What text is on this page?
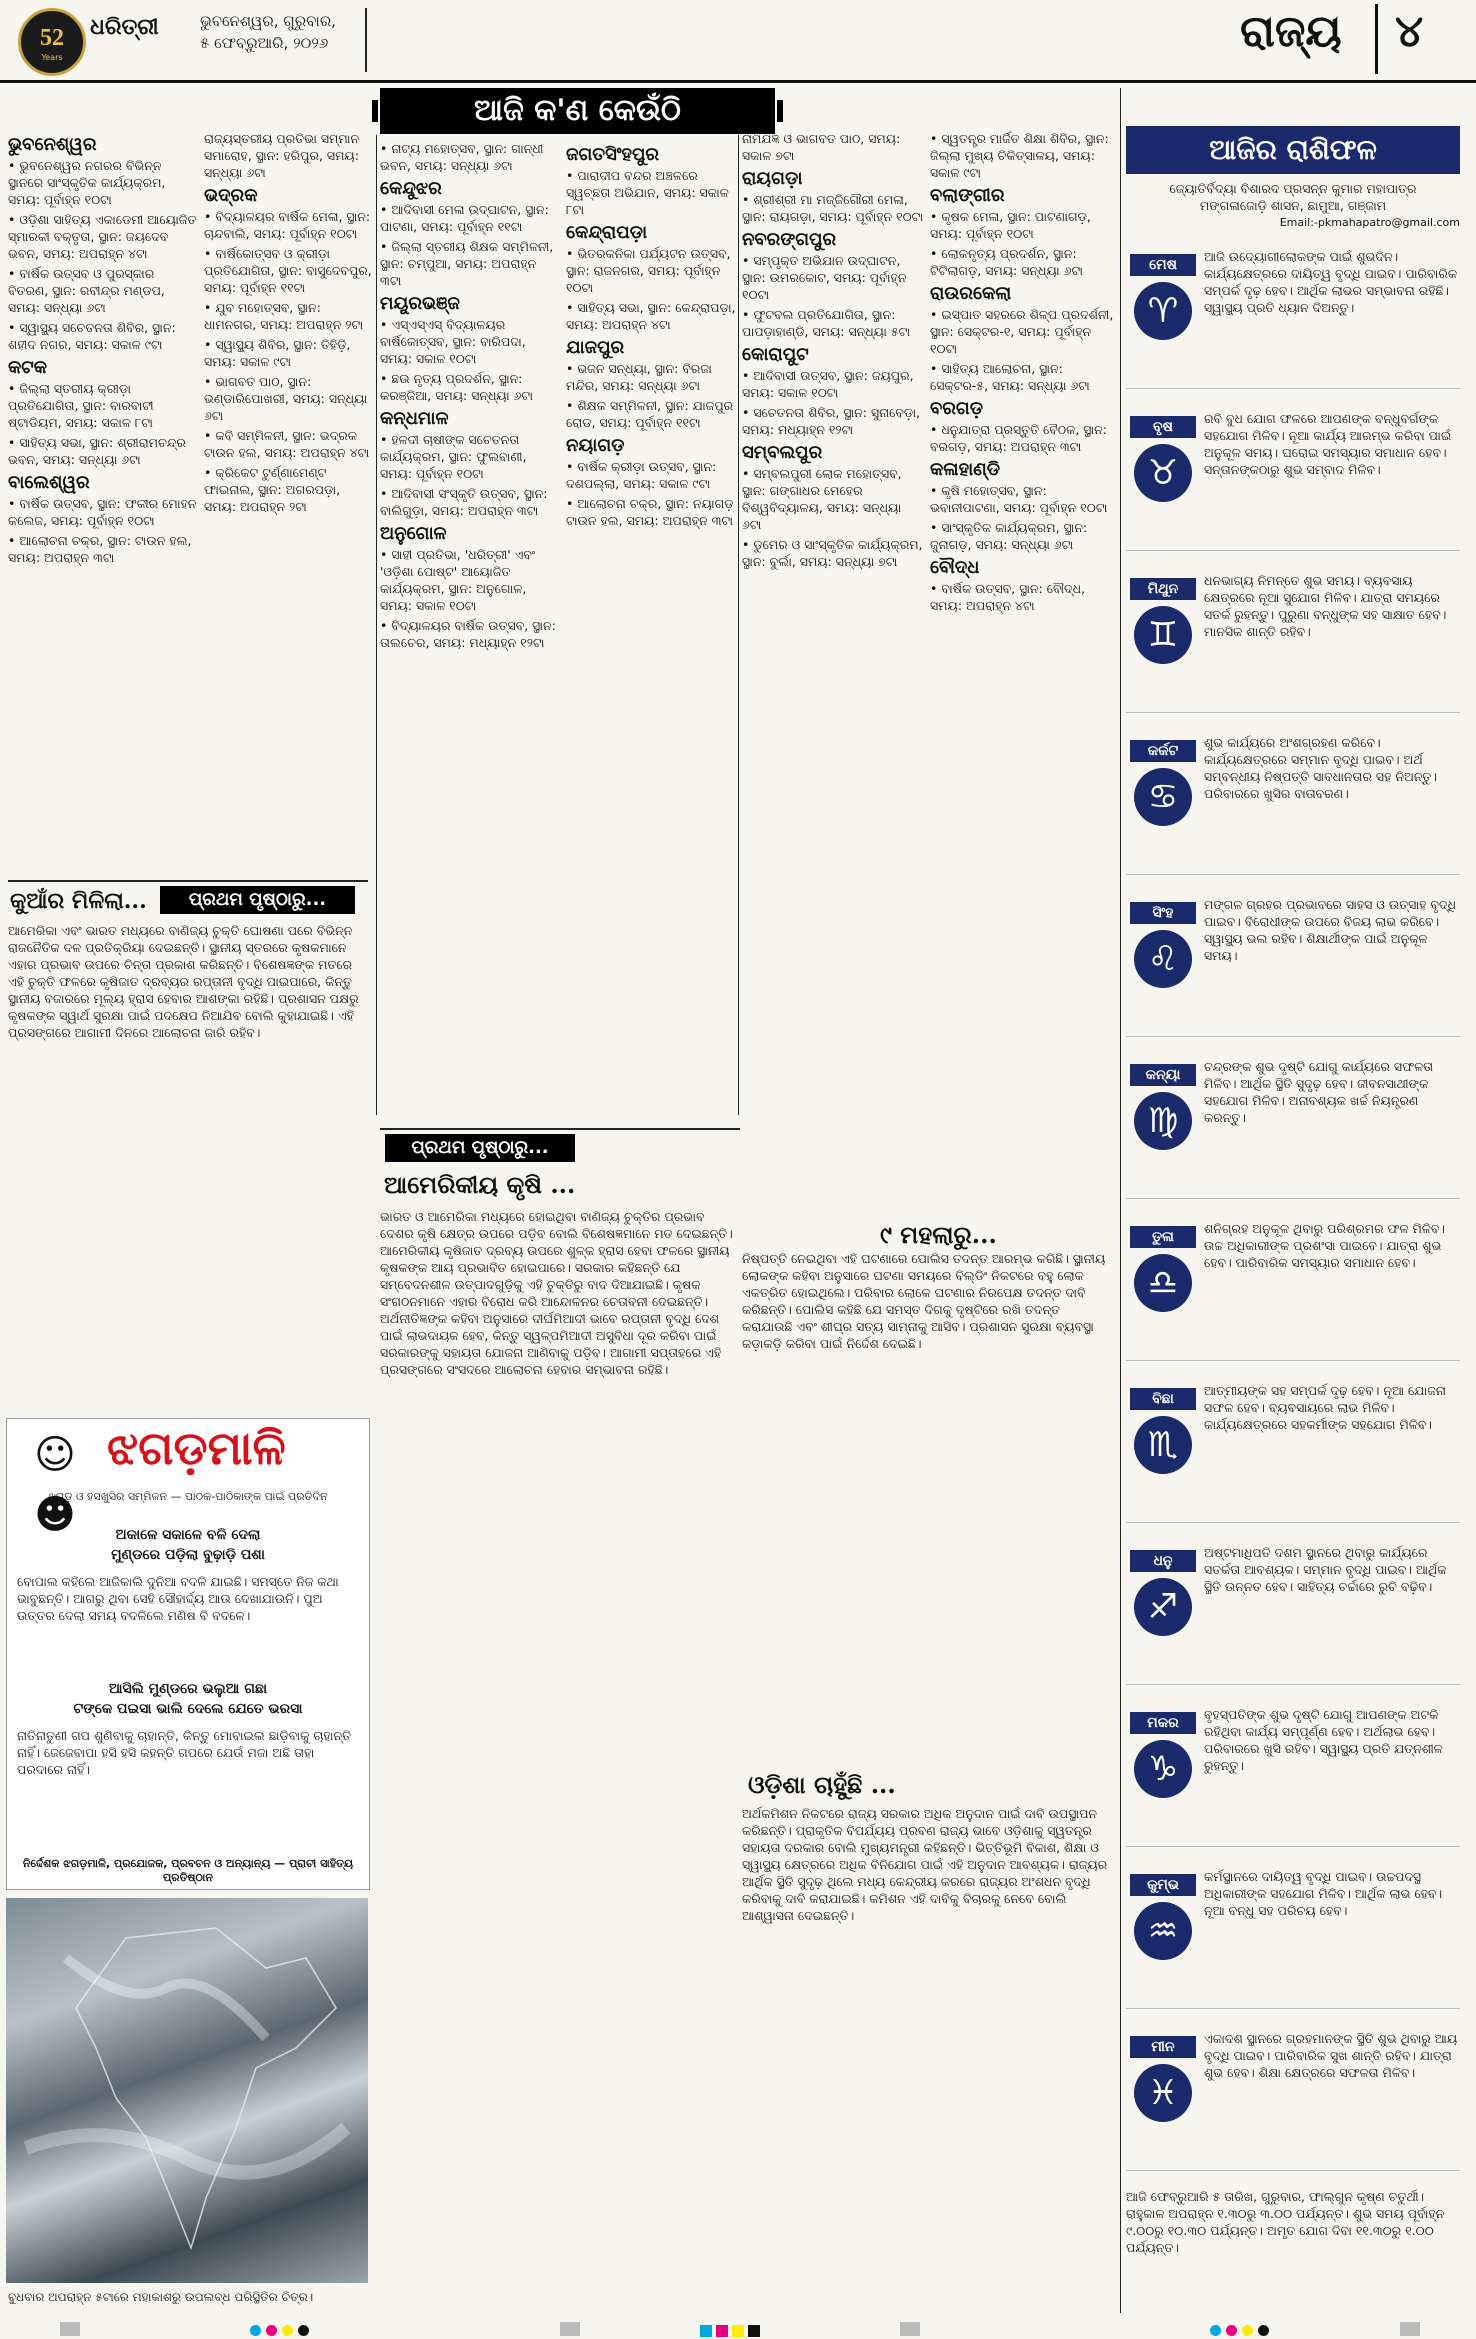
52
Years
ଧରିତ୍ରୀ	ଭୁବନେଶ୍ୱର, ଗୁରୁବାର,
୫ ଫେବ୍ରୁଆରି, ୨୦୨୬	ରାଜ୍ୟ ୪
ଆଜି କ'ଣ କେଉଁଠି
ଭୁବନେଶ୍ୱର

• ଭୁବନେଶ୍ୱର ନଗରର ବିଭିନ୍ନ ସ୍ଥାନରେ ସାଂସ୍କୃତିକ କାର୍ଯ୍ୟକ୍ରମ, ସମୟ: ପୂର୍ବାହ୍ନ ୧୦ଟା

• ଓଡ଼ିଶା ସାହିତ୍ୟ ଏକାଡେମୀ ଆୟୋଜିତ ସ୍ମାରକୀ ବକ୍ତୃତା, ସ୍ଥାନ: ଜୟଦେବ ଭବନ, ସମୟ: ଅପରାହ୍ନ ୪ଟା

• ବାର୍ଷିକ ଉତ୍ସବ ଓ ପୁରସ୍କାର ବିତରଣ, ସ୍ଥାନ: ରବୀନ୍ଦ୍ର ମଣ୍ଡପ, ସମୟ: ସନ୍ଧ୍ୟା ୬ଟା

• ସ୍ୱାସ୍ଥ୍ୟ ସଚେତନତା ଶିବିର, ସ୍ଥାନ: ଶହୀଦ ନଗର, ସମୟ: ସକାଳ ୯ଟା

କଟକ

• ଜିଲ୍ଲା ସ୍ତରୀୟ କ୍ରୀଡ଼ା ପ୍ରତିଯୋଗିତା, ସ୍ଥାନ: ବାରବାଟୀ ଷ୍ଟାଡିୟମ, ସମୟ: ସକାଳ ୮ଟା

• ସାହିତ୍ୟ ସଭା, ସ୍ଥାନ: ଶ୍ରୀରାମଚନ୍ଦ୍ର ଭବନ, ସମୟ: ସନ୍ଧ୍ୟା ୬ଟା

ବାଲେଶ୍ୱର

• ବାର୍ଷିକ ଉତ୍ସବ, ସ୍ଥାନ: ଫକୀର ମୋହନ କଲେଜ, ସମୟ: ପୂର୍ବାହ୍ନ ୧୦ଟା

• ଆଲୋଚନା ଚକ୍ର, ସ୍ଥାନ: ଟାଉନ ହଲ, ସମୟ: ଅପରାହ୍ନ ୩ଟା

ରାଜ୍ୟସ୍ତରୀୟ ପ୍ରତିଭା ସମ୍ମାନ ସମାରୋହ, ସ୍ଥାନ: ହରିପୁର, ସମୟ: ସନ୍ଧ୍ୟା ୬ଟା

ଭଦ୍ରକ

• ବିଦ୍ୟାଳୟର ବାର୍ଷିକ ମେଳା, ସ୍ଥାନ: ଚାନ୍ଦବାଲି, ସମୟ: ପୂର୍ବାହ୍ନ ୧୦ଟା

• ବାର୍ଷିକୋତ୍ସବ ଓ କ୍ରୀଡ଼ା ପ୍ରତିଯୋଗିତା, ସ୍ଥାନ: ବାସୁଦେବପୁର, ସମୟ: ପୂର୍ବାହ୍ନ ୧୧ଟା

• ଯୁବ ମହୋତ୍ସବ, ସ୍ଥାନ: ଧାମନଗର, ସମୟ: ଅପରାହ୍ନ ୨ଟା

• ସ୍ୱାସ୍ଥ୍ୟ ଶିବିର, ସ୍ଥାନ: ତିହିଡ଼ି, ସମୟ: ସକାଳ ୯ଟା

• ଭାଗବତ ପାଠ, ସ୍ଥାନ: ଭଣ୍ଡାରିପୋଖରୀ, ସମୟ: ସନ୍ଧ୍ୟା ୬ଟା

• କବି ସମ୍ମିଳନୀ, ସ୍ଥାନ: ଭଦ୍ରକ ଟାଉନ ହଲ, ସମୟ: ଅପରାହ୍ନ ୪ଟା

• କ୍ରିକେଟ ଟୁର୍ଣ୍ଣାମେଣ୍ଟ ଫାଇନାଲ, ସ୍ଥାନ: ଅଗରପଡ଼ା, ସମୟ: ଅପରାହ୍ନ ୨ଟା

• ନାଟ୍ୟ ମହୋତ୍ସବ, ସ୍ଥାନ: ଗାନ୍ଧୀ ଭବନ, ସମୟ: ସନ୍ଧ୍ୟା ୬ଟା

କେନ୍ଦୁଝର

• ଆଦିବାସୀ ମେଳା ଉଦ୍‌ଘାଟନ, ସ୍ଥାନ: ପାଟଣା, ସମୟ: ପୂର୍ବାହ୍ନ ୧୧ଟା

• ଜିଲ୍ଲା ସ୍ତରୀୟ ଶିକ୍ଷକ ସମ୍ମିଳନୀ, ସ୍ଥାନ: ଚମ୍ପୁଆ, ସମୟ: ଅପରାହ୍ନ ୩ଟା

ମୟୂରଭଞ୍ଜ

• ଏସ୍‌ଏସ୍‌ଏସ୍ ବିଦ୍ୟାଳୟର ବାର୍ଷିକୋତ୍ସବ, ସ୍ଥାନ: ବାରିପଦା, ସମୟ: ସକାଳ ୧୦ଟା

• ଛଉ ନୃତ୍ୟ ପ୍ରଦର୍ଶନ, ସ୍ଥାନ: କରଞ୍ଜିଆ, ସମୟ: ସନ୍ଧ୍ୟା ୬ଟା

କନ୍ଧମାଳ

• ହଳଦୀ ଚାଷୀଙ୍କ ସଚେତନତା କାର୍ଯ୍ୟକ୍ରମ, ସ୍ଥାନ: ଫୁଲବାଣୀ, ସମୟ: ପୂର୍ବାହ୍ନ ୧୦ଟା

• ଆଦିବାସୀ ସଂସ୍କୃତି ଉତ୍ସବ, ସ୍ଥାନ: ବାଲିଗୁଡ଼ା, ସମୟ: ଅପରାହ୍ନ ୩ଟା

ଅନୁଗୋଳ

• ସାହୀ ପ୍ରତିଭା, 'ଧରିତ୍ରୀ' ଏବଂ 'ଓଡ଼ିଶା ପୋଷ୍ଟ' ଆୟୋଜିତ କାର୍ଯ୍ୟକ୍ରମ, ସ୍ଥାନ: ଅନୁଗୋଳ, ସମୟ: ସକାଳ ୧୦ଟା

• ବିଦ୍ୟାଳୟର ବାର୍ଷିକ ଉତ୍ସବ, ସ୍ଥାନ: ତାଲଚେର, ସମୟ: ମଧ୍ୟାହ୍ନ ୧୨ଟା

ଜଗତସିଂହପୁର

• ପାରାଦୀପ ବନ୍ଦର ଅଞ୍ଚଳରେ ସ୍ୱଚ୍ଛତା ଅଭିଯାନ, ସମୟ: ସକାଳ ୮ଟା

କେନ୍ଦ୍ରାପଡ଼ା

• ଭିତରକନିକା ପର୍ଯ୍ୟଟନ ଉତ୍ସବ, ସ୍ଥାନ: ରାଜନଗର, ସମୟ: ପୂର୍ବାହ୍ନ ୧୦ଟା

• ସାହିତ୍ୟ ସଭା, ସ୍ଥାନ: କେନ୍ଦ୍ରାପଡ଼ା, ସମୟ: ଅପରାହ୍ନ ୪ଟା

ଯାଜପୁର

• ଭଜନ ସନ୍ଧ୍ୟା, ସ୍ଥାନ: ବିରଜା ମନ୍ଦିର, ସମୟ: ସନ୍ଧ୍ୟା ୬ଟା

• ଶିକ୍ଷକ ସମ୍ମିଳନୀ, ସ୍ଥାନ: ଯାଜପୁର ରୋଡ, ସମୟ: ପୂର୍ବାହ୍ନ ୧୧ଟା

ନୟାଗଡ଼

• ବାର୍ଷିକ କ୍ରୀଡ଼ା ଉତ୍ସବ, ସ୍ଥାନ: ଦଶପଲ୍ଲା, ସମୟ: ସକାଳ ୯ଟା

• ଆଲୋଚନା ଚକ୍ର, ସ୍ଥାନ: ନୟାଗଡ଼ ଟାଉନ ହଲ, ସମୟ: ଅପରାହ୍ନ ୩ଟା

ନାମଯଜ୍ଞ ଓ ଭାଗବତ ପାଠ, ସମୟ: ସକାଳ ୭ଟା

ରାୟଗଡ଼ା

• ଶ୍ରୀଶ୍ରୀ ମା ମଜ୍ଜିଗୌରୀ ମେଳା, ସ୍ଥାନ: ରାୟଗଡ଼ା, ସମୟ: ପୂର୍ବାହ୍ନ ୧୦ଟା

ନବରଙ୍ଗପୁର

• ସମ୍ପୃକ୍ତ ଅଭିଯାନ ଉଦ୍‌ଘାଟନ, ସ୍ଥାନ: ଉମରକୋଟ, ସମୟ: ପୂର୍ବାହ୍ନ ୧୦ଟା

• ଫୁଟବଲ ପ୍ରତିଯୋଗିତା, ସ୍ଥାନ: ପାପଡ଼ାହାଣ୍ଡି, ସମୟ: ସନ୍ଧ୍ୟା ୫ଟା

କୋରାପୁଟ

• ଆଦିବାସୀ ଉତ୍ସବ, ସ୍ଥାନ: ଜୟପୁର, ସମୟ: ସକାଳ ୧୦ଟା

• ସଚେତନତା ଶିବିର, ସ୍ଥାନ: ସୁନାବେଡ଼ା, ସମୟ: ମଧ୍ୟାହ୍ନ ୧୨ଟା

ସମ୍ବଲପୁର

• ସମ୍ବଲପୁରୀ ଲୋକ ମହୋତ୍ସବ, ସ୍ଥାନ: ଗଙ୍ଗାଧର ମେହେର ବିଶ୍ୱବିଦ୍ୟାଳୟ, ସମୟ: ସନ୍ଧ୍ୟା ୬ଟା

• ଡୁମେର ଓ ସାଂସ୍କୃତିକ କାର୍ଯ୍ୟକ୍ରମ, ସ୍ଥାନ: ବୁର୍ଲା, ସମୟ: ସନ୍ଧ୍ୟା ୭ଟା

• ସ୍ୱତନ୍ତ୍ର ମାର୍ଜିତ ଶିକ୍ଷା ଶିବିର, ସ୍ଥାନ: ଜିଲ୍ଲା ମୁଖ୍ୟ ଚିକିତ୍ସାଳୟ, ସମୟ: ସକାଳ ୯ଟା

ବଲାଙ୍ଗୀର

• କୃଷକ ମେଳା, ସ୍ଥାନ: ପାଟଣାଗଡ଼, ସମୟ: ପୂର୍ବାହ୍ନ ୧୦ଟା

• ଲୋକନୃତ୍ୟ ପ୍ରଦର୍ଶନ, ସ୍ଥାନ: ଟିଟିଲାଗଡ଼, ସମୟ: ସନ୍ଧ୍ୟା ୬ଟା

ରାଉରକେଲା

• ଇସ୍ପାତ ସହରରେ ଶିଳ୍ପ ପ୍ରଦର୍ଶନୀ, ସ୍ଥାନ: ସେକ୍ଟର-୧, ସମୟ: ପୂର୍ବାହ୍ନ ୧୦ଟା

• ସାହିତ୍ୟ ଆଲୋଚନା, ସ୍ଥାନ: ସେକ୍ଟର-୫, ସମୟ: ସନ୍ଧ୍ୟା ୬ଟା

ବରଗଡ଼

• ଧନୁଯାତ୍ରା ପ୍ରସ୍ତୁତି ବୈଠକ, ସ୍ଥାନ: ବରଗଡ଼, ସମୟ: ଅପରାହ୍ନ ୩ଟା

କଳାହାଣ୍ଡି

• କୃଷି ମହୋତ୍ସବ, ସ୍ଥାନ: ଭବାନୀପାଟଣା, ସମୟ: ପୂର୍ବାହ୍ନ ୧୦ଟା

• ସାଂସ୍କୃତିକ କାର୍ଯ୍ୟକ୍ରମ, ସ୍ଥାନ: ଜୁନାଗଡ଼, ସମୟ: ସନ୍ଧ୍ୟା ୬ଟା

ବୌଦ୍ଧ

• ବାର୍ଷିକ ଉତ୍ସବ, ସ୍ଥାନ: ବୌଦ୍ଧ, ସମୟ: ଅପରାହ୍ନ ୪ଟା

କୁଆଁର ମିଳିଲା...	ପ୍ରଥମ ପୃଷ୍ଠାରୁ...

ଆମେରିକା ଏବଂ ଭାରତ ମଧ୍ୟରେ ବାଣିଜ୍ୟ ଚୁକ୍ତି ଘୋଷଣା ପରେ ବିଭିନ୍ନ ରାଜନୈତିକ ଦଳ ପ୍ରତିକ୍ରିୟା ଦେଇଛନ୍ତି। ସ୍ଥାନୀୟ ସ୍ତରରେ କୃଷକମାନେ ଏହାର ପ୍ରଭାବ ଉପରେ ଚିନ୍ତା ପ୍ରକାଶ କରିଛନ୍ତି। ବିଶେଷଜ୍ଞଙ୍କ ମତରେ ଏହି ଚୁକ୍ତି ଫଳରେ କୃଷିଜାତ ଦ୍ରବ୍ୟର ରପ୍ତାନୀ ବୃଦ୍ଧି ପାଇପାରେ, କିନ୍ତୁ ସ୍ଥାନୀୟ ବଜାରରେ ମୂଲ୍ୟ ହ୍ରାସ ହେବାର ଆଶଙ୍କା ରହିଛି। ପ୍ରଶାସନ ପକ୍ଷରୁ କୃଷକଙ୍କ ସ୍ୱାର୍ଥ ସୁରକ୍ଷା ପାଇଁ ପଦକ୍ଷେପ ନିଆଯିବ ବୋଲି କୁହାଯାଇଛି। ଏହି ପ୍ରସଙ୍ଗରେ ଆଗାମୀ ଦିନରେ ଆଲୋଚନା ଜାରି ରହିବ।

☺☻
ଝଗଡ଼ମାଳି
ଝଗଡ଼ ଓ ହସଖୁସିର ସମ୍ମିଳନ — ପାଠକ-ପାଠିକାଙ୍କ ପାଇଁ ପ୍ରତିଦିନ
ଅକାଳେ ସକାଳେ ବଳି ଦେଲା
ମୁଣ୍ଡରେ ପଡ଼ିଲା ବୁଢ଼ାଡ଼ି ପଶା
ବୋପାଲ କହିଲେ ଆଜିକାଲି ଦୁନିଆ ବଦଳି ଯାଇଛି। ସମସ୍ତେ ନିଜ କଥା ଭାବୁଛନ୍ତି। ଆଗରୁ ଥିବା ସେହି ସୌହାର୍ଦ୍ଦ୍ୟ ଆଉ ଦେଖାଯାଉନି। ପୁଅ ଉତ୍ତର ଦେଲା ସମୟ ବଦଳିଲେ ମଣିଷ ବି ବଦଳେ।
ଆସିଲି ମୁଣ୍ଡରେ ଭଲୁଆ ଗଛା
ଟଙ୍କେ ପଇସା ଭାଲି ଦେଲେ ଯେତେ ଭରସା
ନାତିନାତୁଣୀ ଗପ ଶୁଣିବାକୁ ଚାହାନ୍ତି, କିନ୍ତୁ ମୋବାଇଲ ଛାଡ଼ିବାକୁ ଚାହାନ୍ତି ନାହିଁ। ଜେଜେବାପା ହସି ହସି କହନ୍ତି ଗପରେ ଯେଉଁ ମଜା ଅଛି ତାହା ପରଦାରେ ନାହିଁ।
ନିର୍ଦ୍ଦେଶକ ଝଗଡ଼ମାଳି, ପ୍ରଯୋଜକ, ପ୍ରବଚନ ଓ ଅନ୍ୟାନ୍ୟ — ପ୍ରାଚୀ ସାହିତ୍ୟ ପ୍ରତିଷ୍ଠାନ
ବୁଧବାର ଅପରାହ୍ନ ୫ଟାରେ ମହାକାଶରୁ ଉପଲବ୍ଧ ପରିସ୍ଥିତିର ଚିତ୍ର।
ପ୍ରଥମ ପୃଷ୍ଠାରୁ...
ଆମେରିକୀୟ କୃଷି ...

ଭାରତ ଓ ଆମେରିକା ମଧ୍ୟରେ ହୋଇଥିବା ବାଣିଜ୍ୟ ଚୁକ୍ତିର ପ୍ରଭାବ ଦେଶର କୃଷି କ୍ଷେତ୍ର ଉପରେ ପଡ଼ିବ ବୋଲି ବିଶେଷଜ୍ଞମାନେ ମତ ଦେଇଛନ୍ତି। ଆମେରିକୀୟ କୃଷିଜାତ ଦ୍ରବ୍ୟ ଉପରେ ଶୁଳ୍କ ହ୍ରାସ ହେବା ଫଳରେ ସ୍ଥାନୀୟ କୃଷକଙ୍କ ଆୟ ପ୍ରଭାବିତ ହୋଇପାରେ। ସରକାର କହିଛନ୍ତି ଯେ ସମ୍ବେଦନଶୀଳ ଉତ୍ପାଦଗୁଡ଼ିକୁ ଏହି ଚୁକ୍ତିରୁ ବାଦ ଦିଆଯାଇଛି। କୃଷକ ସଂଗଠନମାନେ ଏହାର ବିରୋଧ କରି ଆନ୍ଦୋଳନର ଚେତାବନୀ ଦେଇଛନ୍ତି। ଅର୍ଥନୀତିଜ୍ଞଙ୍କ କହିବା ଅନୁସାରେ ଦୀର୍ଘମିଆଦୀ ଭାବେ ରପ୍ତାନୀ ବୃଦ୍ଧି ଦେଶ ପାଇଁ ଲାଭଦାୟକ ହେବ, କିନ୍ତୁ ସ୍ୱଳ୍ପମିଆଦୀ ଅସୁବିଧା ଦୂର କରିବା ପାଇଁ ସରକାରଙ୍କୁ ସହାୟତା ଯୋଜନା ଆଣିବାକୁ ପଡ଼ିବ। ଆଗାମୀ ସପ୍ତାହରେ ଏହି ପ୍ରସଙ୍ଗରେ ସଂସଦରେ ଆଲୋଚନା ହେବାର ସମ୍ଭାବନା ରହିଛି।

୯ ମହଲାରୁ...

ନିଷ୍ପତ୍ତି ନେଇଥିବା ଏହି ଘଟଣାରେ ପୋଲିସ ତଦନ୍ତ ଆରମ୍ଭ କରିଛି। ସ୍ଥାନୀୟ ଲୋକଙ୍କ କହିବା ଅନୁସାରେ ଘଟଣା ସମୟରେ ବିଲ୍ଡିଂ ନିକଟରେ ବହୁ ଲୋକ ଏକତ୍ରିତ ହୋଇଥିଲେ। ପରିବାର ଲୋକେ ଘଟଣାର ନିରପେକ୍ଷ ତଦନ୍ତ ଦାବି କରିଛନ୍ତି। ପୋଲିସ କହିଛି ଯେ ସମସ୍ତ ଦିଗକୁ ଦୃଷ୍ଟିରେ ରଖି ତଦନ୍ତ କରାଯାଉଛି ଏବଂ ଶୀଘ୍ର ସତ୍ୟ ସାମ୍ନାକୁ ଆସିବ। ପ୍ରଶାସନ ସୁରକ୍ଷା ବ୍ୟବସ୍ଥା କଡ଼ାକଡ଼ି କରିବା ପାଇଁ ନିର୍ଦ୍ଦେଶ ଦେଇଛି।

ଓଡ଼ିଶା ଚାହୁଁଛି ...

ଅର୍ଥକମିଶନ ନିକଟରେ ରାଜ୍ୟ ସରକାର ଅଧିକ ଅନୁଦାନ ପାଇଁ ଦାବି ଉପସ୍ଥାପନ କରିଛନ୍ତି। ପ୍ରାକୃତିକ ବିପର୍ଯ୍ୟୟ ପ୍ରବଣ ରାଜ୍ୟ ଭାବେ ଓଡ଼ିଶାକୁ ସ୍ୱତନ୍ତ୍ର ସହାୟତା ଦରକାର ବୋଲି ମୁଖ୍ୟମନ୍ତ୍ରୀ କହିଛନ୍ତି। ଭିତ୍ତିଭୂମି ବିକାଶ, ଶିକ୍ଷା ଓ ସ୍ୱାସ୍ଥ୍ୟ କ୍ଷେତ୍ରରେ ଅଧିକ ବିନିଯୋଗ ପାଇଁ ଏହି ଅନୁଦାନ ଆବଶ୍ୟକ। ରାଜ୍ୟର ଆର୍ଥିକ ସ୍ଥିତି ସୁଦୃଢ଼ ଥିଲେ ମଧ୍ୟ କେନ୍ଦ୍ରୀୟ କରରେ ରାଜ୍ୟର ଅଂଶଧନ ବୃଦ୍ଧି କରିବାକୁ ଦାବି କରାଯାଇଛି। କମିଶନ ଏହି ଦାବିକୁ ବିଚାରକୁ ନେବେ ବୋଲି ଆଶ୍ୱାସନା ଦେଇଛନ୍ତି।

ଆଜିର ରାଶିଫଳ
ଜ୍ୟୋତିର୍ବିଦ୍ୟା ବିଶାରଦ ପ୍ରସନ୍ନ କୁମାର ମହାପାତ୍ର
ମଙ୍ଗଳାଜୋଡ଼ି ଶାସନ, ଛାମୁଆ, ଗଞ୍ଜାମ
Email:-pkmahapatro@gmail.com
ମେଷ
♈
ଆଜି ଉଦ୍ୟୋଗୀଲୋକଙ୍କ ପାଇଁ ଶୁଭଦିନ। କାର୍ଯ୍ୟକ୍ଷେତ୍ରରେ ଦାୟିତ୍ୱ ବୃଦ୍ଧି ପାଇବ। ପାରିବାରିକ ସମ୍ପର୍କ ଦୃଢ଼ ହେବ। ଆର୍ଥିକ ଲାଭର ସମ୍ଭାବନା ରହିଛି। ସ୍ୱାସ୍ଥ୍ୟ ପ୍ରତି ଧ୍ୟାନ ଦିଅନ୍ତୁ।
ବୃଷ
♉
ରବି ବୁଧ ଯୋଗ ଫଳରେ ଆପଣଙ୍କ ବନ୍ଧୁବର୍ଗଙ୍କ ସହଯୋଗ ମିଳିବ। ନୂଆ କାର୍ଯ୍ୟ ଆରମ୍ଭ କରିବା ପାଇଁ ଅନୁକୂଳ ସମୟ। ଘରୋଇ ସମସ୍ୟାର ସମାଧାନ ହେବ। ସନ୍ତାନଙ୍କଠାରୁ ଶୁଭ ସମ୍ବାଦ ମିଳିବ।
ମିଥୁନ
♊
ଧନଭାଗ୍ୟ ନିମନ୍ତେ ଶୁଭ ସମୟ। ବ୍ୟବସାୟ କ୍ଷେତ୍ରରେ ନୂଆ ସୁଯୋଗ ମିଳିବ। ଯାତ୍ରା ସମୟରେ ସତର୍କ ରୁହନ୍ତୁ। ପୁରୁଣା ବନ୍ଧୁଙ୍କ ସହ ସାକ୍ଷାତ ହେବ। ମାନସିକ ଶାନ୍ତି ରହିବ।
କର୍କଟ
♋
ଶୁଭ କାର୍ଯ୍ୟରେ ଅଂଶଗ୍ରହଣ କରିବେ। କାର୍ଯ୍ୟକ୍ଷେତ୍ରରେ ସମ୍ମାନ ବୃଦ୍ଧି ପାଇବ। ଅର୍ଥ ସମ୍ବନ୍ଧୀୟ ନିଷ୍ପତ୍ତି ସାବଧାନତାର ସହ ନିଅନ୍ତୁ। ପରିବାରରେ ଖୁସିର ବାତାବରଣ।
ସିଂହ
♌
ମଙ୍ଗଳ ଗ୍ରହର ପ୍ରଭାବରେ ସାହସ ଓ ଉତ୍ସାହ ବୃଦ୍ଧି ପାଇବ। ବିରୋଧୀଙ୍କ ଉପରେ ବିଜୟ ଲାଭ କରିବେ। ସ୍ୱାସ୍ଥ୍ୟ ଭଲ ରହିବ। ଶିକ୍ଷାର୍ଥୀଙ୍କ ପାଇଁ ଅନୁକୂଳ ସମୟ।
କନ୍ୟା
♍
ଚନ୍ଦ୍ରଙ୍କ ଶୁଭ ଦୃଷ୍ଟି ଯୋଗୁ କାର୍ଯ୍ୟରେ ସଫଳତା ମିଳିବ। ଆର୍ଥିକ ସ୍ଥିତି ସୁଦୃଢ଼ ହେବ। ଜୀବନସାଥୀଙ୍କ ସହଯୋଗ ମିଳିବ। ଅନାବଶ୍ୟକ ଖର୍ଚ୍ଚ ନିୟନ୍ତ୍ରଣ କରନ୍ତୁ।
ତୁଳା
♎
ଶନିଗ୍ରହ ଅନୁକୂଳ ଥିବାରୁ ପରିଶ୍ରମର ଫଳ ମିଳିବ। ଉଚ୍ଚ ଅଧିକାରୀଙ୍କ ପ୍ରଶଂସା ପାଇବେ। ଯାତ୍ରା ଶୁଭ ହେବ। ପାରିବାରିକ ସମସ୍ୟାର ସମାଧାନ ହେବ।
ବିଛା
♏
ଆତ୍ମୀୟଙ୍କ ସହ ସମ୍ପର୍କ ଦୃଢ଼ ହେବ। ନୂଆ ଯୋଜନା ସଫଳ ହେବ। ବ୍ୟବସାୟରେ ଲାଭ ମିଳିବ। କାର୍ଯ୍ୟକ୍ଷେତ୍ରରେ ସହକର୍ମୀଙ୍କ ସହଯୋଗ ମିଳିବ।
ଧନୁ
♐
ଅଷ୍ଟମାଧିପତି ଦଶମ ସ୍ଥାନରେ ଥିବାରୁ କାର୍ଯ୍ୟରେ ସତର୍କତା ଆବଶ୍ୟକ। ସମ୍ମାନ ବୃଦ୍ଧି ପାଇବ। ଆର୍ଥିକ ସ୍ଥିତି ଉନ୍ନତ ହେବ। ସାହିତ୍ୟ ଚର୍ଚ୍ଚାରେ ରୁଚି ବଢ଼ିବ।
ମକର
♑
ବୃହସ୍ପତିଙ୍କ ଶୁଭ ଦୃଷ୍ଟି ଯୋଗୁ ଆପଣଙ୍କ ଅଟକି ରହିଥିବା କାର୍ଯ୍ୟ ସମ୍ପୂର୍ଣ୍ଣ ହେବ। ଅର୍ଥଲାଭ ହେବ। ପରିବାରରେ ଖୁସି ରହିବ। ସ୍ୱାସ୍ଥ୍ୟ ପ୍ରତି ଯତ୍ନଶୀଳ ରୁହନ୍ତୁ।
କୁମ୍ଭ
♒
କର୍ମସ୍ଥାନରେ ଦାୟିତ୍ୱ ବୃଦ୍ଧି ପାଇବ। ଉଚ୍ଚପଦସ୍ଥ ଅଧିକାରୀଙ୍କ ସହଯୋଗ ମିଳିବ। ଆର୍ଥିକ ଲାଭ ହେବ। ନୂଆ ବନ୍ଧୁ ସହ ପରିଚୟ ହେବ।
ମୀନ
♓
ଏକାଦଶ ସ୍ଥାନରେ ଗ୍ରହମାନଙ୍କ ସ୍ଥିତି ଶୁଭ ଥିବାରୁ ଆୟ ବୃଦ୍ଧି ପାଇବ। ପାରିବାରିକ ସୁଖ ଶାନ୍ତି ରହିବ। ଯାତ୍ରା ଶୁଭ ହେବ। ଶିକ୍ଷା କ୍ଷେତ୍ରରେ ସଫଳତା ମିଳିବ।

ଆଜି ଫେବ୍ରୁଆରି ୫ ତାରିଖ, ଗୁରୁବାର, ଫାଲ୍ଗୁନ କୃଷ୍ଣ ଚତୁର୍ଥୀ। ରାହୁକାଳ ଅପରାହ୍ନ ୧.୩୦ରୁ ୩.୦୦ ପର୍ଯ୍ୟନ୍ତ। ଶୁଭ ସମୟ ପୂର୍ବାହ୍ନ ୯.୦୦ରୁ ୧୦.୩୦ ପର୍ଯ୍ୟନ୍ତ। ଅମୃତ ଯୋଗ ଦିବା ୧୧.୩୦ରୁ ୧.୦୦ ପର୍ଯ୍ୟନ୍ତ।
